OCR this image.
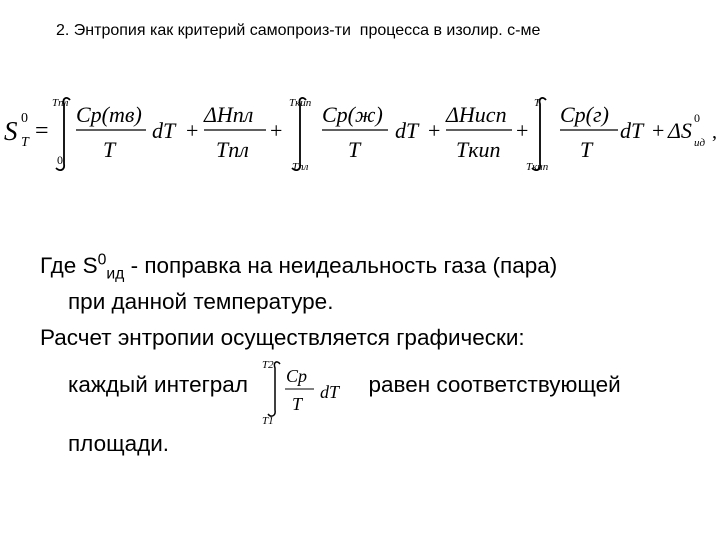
2. Энтропия как критерий самопроиз-ти  процесса в изолир. с-ме
S 0
T =
Tпл
0
Cp(тв)
T
dT +
ΔHпл
Tпл
+
Tкип
Tпл
Cp(ж)
T
dT +
ΔHисп
Tкип
+
T
Tкип
Cp(г)
T
dT + ΔS 0
ид ,

Где $S^0_{ид}$ - поправка на неидеальность газа (пара)

при данной температуре.

Расчет энтропии осуществляется графически:

каждый интеграл
T2
T1
Cp
T
dT равен соответствующей

площади.
